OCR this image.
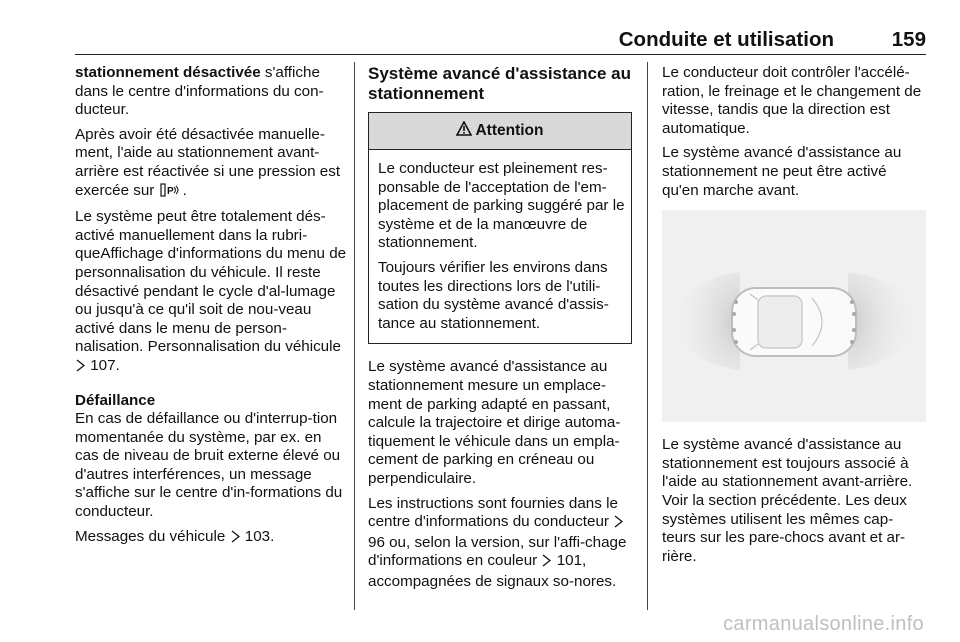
Conduite et utilisation	159

stationnement désactivée s'affiche dans le centre d'informations du con-ducteur.

Après avoir été désactivée manuelle-ment, l'aide au stationnement avant-arrière est réactivée si une pression est exercée sur P .

Le système peut être totalement dés-activé manuellement dans la rubri-queAffichage d'informations du menu de personnalisation du véhicule. Il reste désactivé pendant le cycle d'al-lumage ou jusqu'à ce qu'il soit de nou-veau activé dans le menu de person-nalisation. Personnalisation du véhicule  107.

Défaillance

En cas de défaillance ou d'interrup-tion momentanée du système, par ex. en cas de niveau de bruit externe élevé ou d'autres interférences, un message s'affiche sur le centre d'in-formations du conducteur.

Messages du véhicule 103.

Système avancé d'assistance au stationnement
Attention

Le conducteur est pleinement res-ponsable de l'acceptation de l'em-placement de parking suggéré par le système et de la manœuvre de stationnement.

Toujours vérifier les environs dans toutes les directions lors de l'utili-sation du système avancé d'assis-tance au stationnement.

Le système avancé d'assistance au stationnement mesure un emplace-ment de parking adapté en passant, calcule la trajectoire et dirige automa-tiquement le véhicule dans un empla-cement de parking en créneau ou perpendiculaire.

Les instructions sont fournies dans le centre d'informations du conducteur  96 ou, selon la version, sur l'affi-chage d'informations en couleur 101, accompagnées de signaux so-nores.

Le conducteur doit contrôler l'accélé-ration, le freinage et le changement de vitesse, tandis que la direction est automatique.

Le système avancé d'assistance au stationnement ne peut être activé qu'en marche avant.

Le système avancé d'assistance au stationnement est toujours associé à l'aide au stationnement avant-arrière. Voir la section précédente. Les deux systèmes utilisent les mêmes cap-teurs sur les pare-chocs avant et ar-rière.

carmanualsonline.info
